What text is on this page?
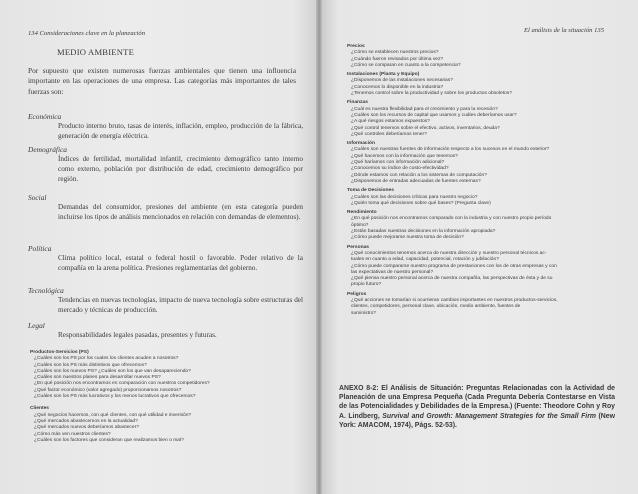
134 Consideraciones clave en la planeación
MEDIO AMBIENTE
Por supuesto que existen numerosas fuerzas ambientales que tienen una influencia importante en las operaciones de una empresa. Las categorías más importantes de tales fuerzas son:
Económica
Producto interno bruto, tasas de interés, inflación, empleo, producción de la fábrica, generación de energía eléctrica.
Demográfica
Índices de fertilidad, mortalidad infantil, crecimiento demográfico tanto interno como externo, población por distribución de edad, crecimiento demográfico por región.
Social
Demandas del consumidor, presiones del ambiente (en esta categoría pueden incluirse los tipos de análisis mencionados en relación con demandas de elementos).
Política
Clima político local, estatal o federal hostil o favorable. Poder relativo de la compañía en la arena política. Presiones reglamentarias del gobierno.
Tecnológica
Tendencias en nuevas tecnologías, impacto de nueva tecnología sobre estructuras del mercado y técnicas de producción.
Legal
Responsabilidades legales pasadas, presentes y futuras.
Productos-Servicios (PS)
¿Cuáles son los PS por los cuales los clientes acuden a nosotros?
¿Cuáles son los PS más distintivos que ofrecemos?
¿Cuáles son los nuevos PS? ¿Cuáles son los que van desapareciendo?
¿Cuáles son nuestros planes para desarrollar nuevos PS?
¿En qué posición nos encontramos en comparación con nuestros competidores?
¿Qué factor económico (valor agregado) proporcionamos nosotros?
¿Cuáles son los PS más lucrativos y los menos lucrativos que ofrecemos?
Clientes
¿Qué negocios hacemos, con qué clientes, con qué utilidad e inversión?
¿Qué mercados abastecemos en la actualidad?
¿Qué mercados nuevos deberíamos abastecer?
¿Cómo más ven nuestros clientes?
¿Cuáles son los factores que consideran que realizamos bien o mal?
El análisis de la situación 135
Precios
¿Cómo se establecen nuestros precios?
¿Cuándo fueron revisados por última vez?
¿Cómo se comparan en cuanto a la competencia?
Instalaciones (Planta y Equipo)
¿Disponemos de las instalaciones necesarias?
¿Conocemos lo disponible en la industria?
¿Tenemos control sobre la productividad y sobre los productos obsoletos?
Finanzas
¿Cuál es nuestra flexibilidad para el crecimiento y para la recesión?
¿Cuáles son los recursos de capital que usamos y cuáles deberíamos usar?
¿A qué riesgos estamos expuestos?
¿Qué control tenemos sobre el efectivo, activos, inventarios, deuda?
¿Qué controles deberíamos tener?
Información
¿Cuáles son nuestras fuentes de información respecto a los sucesos en el mundo exterior?
¿Qué hacemos con la información que tenemos?
¿Qué haríamos con información adicional?
¿Conocemos su índice de costo-efectividad?
¿Dónde estamos con relación a los sistemas de computación?
¿Disponemos de entradas adecuadas de fuentes externas?
Toma de Decisiones
¿Cuáles son las decisiones críticas para nuestro negocio?
¿Quién toma qué decisiones sobre qué bases? (Pregunta clave)
Rendimiento
¿En qué posición nos encontramos comparado con la industria y con nuestro propio período
óptimo?
¿Están basadas nuestras decisiones en la información apropiada?
¿Cómo puede mejorarse nuestra toma de decisión?
Personas
¿Qué conocimientos tenemos acerca de nuestra dirección y nuestro personal técnicos ac-
tuales en cuanto a edad, capacidad, potencial, rotación y jubilación?
¿Cómo puede compararse nuestro programa de prestaciones con los de otras empresas y con
las expectativas de nuestro personal?
¿Qué piensa nuestro personal acerca de nuestra compañía, las perspectivas de ésta y de su
propio futuro?
Peligros
¿Qué acciones se tomarían si ocurrieran cambios importantes en nuestros productos-servicios,
clientes, competidores, personal clave, ubicación, medio ambiente, fuentes de
suministro?
ANEXO 8-2: El Análisis de Situación: Preguntas Relacionadas con la Actividad de Planeación de una Empresa Pequeña (Cada Pregunta Debería Contestarse en Vista de las Potencialidades y Debilidades de la Empresa.) (Fuente: Theodore Cohn y Roy A. Lindberg, Survival and Growth: Management Strategies for the Small Firm (New York: AMACOM, 1974), Págs. 52-53).
